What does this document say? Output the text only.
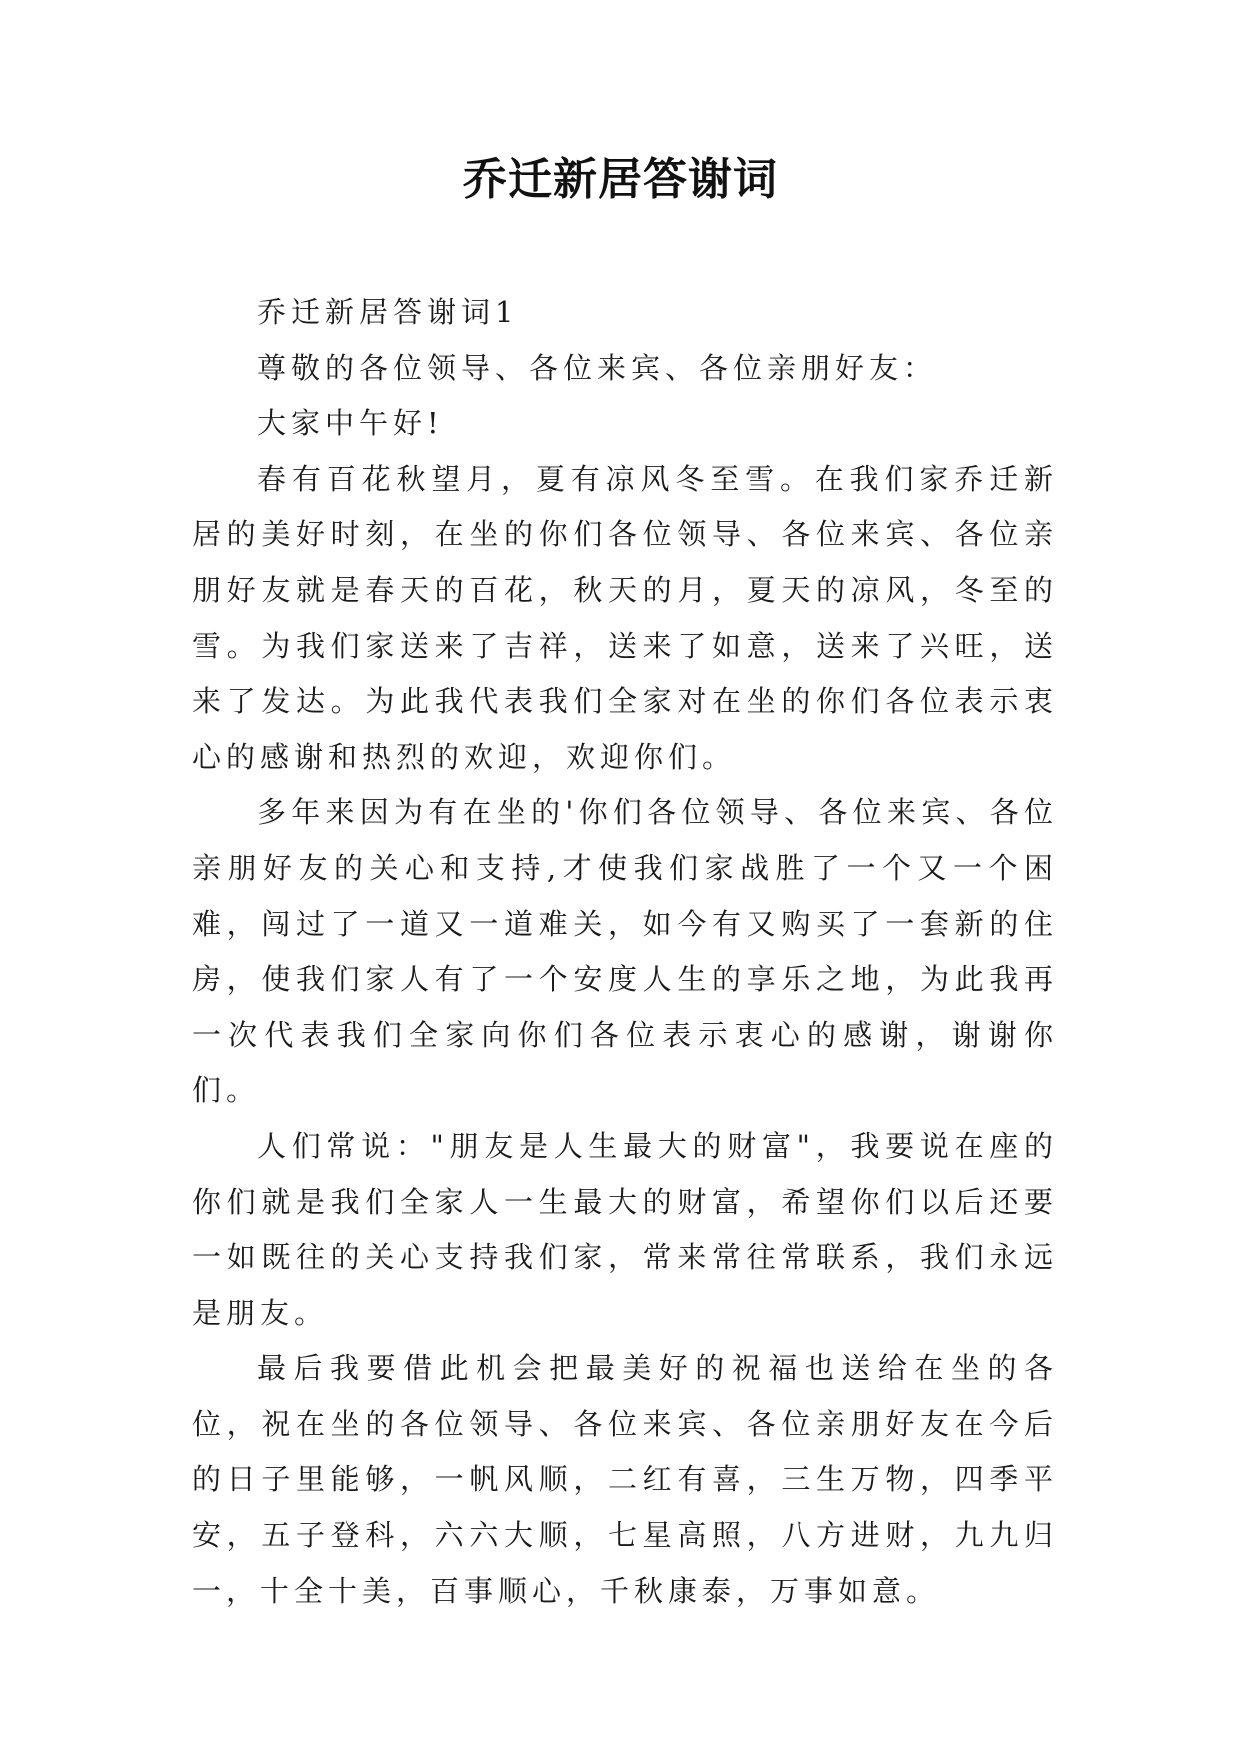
乔迁新居答谢词

乔迁新居答谢词1

尊敬的各位领导、各位来宾、各位亲朋好友：

大家中午好!

春有百花秋望月，夏有凉风冬至雪。在我们家乔迁新居的美好时刻，在坐的你们各位领导、各位来宾、各位亲朋好友就是春天的百花，秋天的月，夏天的凉风，冬至的雪。为我们家送来了吉祥，送来了如意，送来了兴旺，送来了发达。为此我代表我们全家对在坐的你们各位表示衷心的感谢和热烈的欢迎，欢迎你们。

多年来因为有在坐的'你们各位领导、各位来宾、各位亲朋好友的关心和支持,才使我们家战胜了一个又一个困难，闯过了一道又一道难关，如今有又购买了一套新的住房，使我们家人有了一个安度人生的享乐之地，为此我再一次代表我们全家向你们各位表示衷心的感谢，谢谢你们。

人们常说："朋友是人生最大的财富"，我要说在座的你们就是我们全家人一生最大的财富，希望你们以后还要一如既往的关心支持我们家，常来常往常联系，我们永远是朋友。

最后我要借此机会把最美好的祝福也送给在坐的各位，祝在坐的各位领导、各位来宾、各位亲朋好友在今后的日子里能够，一帆风顺，二红有喜，三生万物，四季平安，五子登科，六六大顺，七星高照，八方进财，九九归一，十全十美，百事顺心，千秋康泰，万事如意。
